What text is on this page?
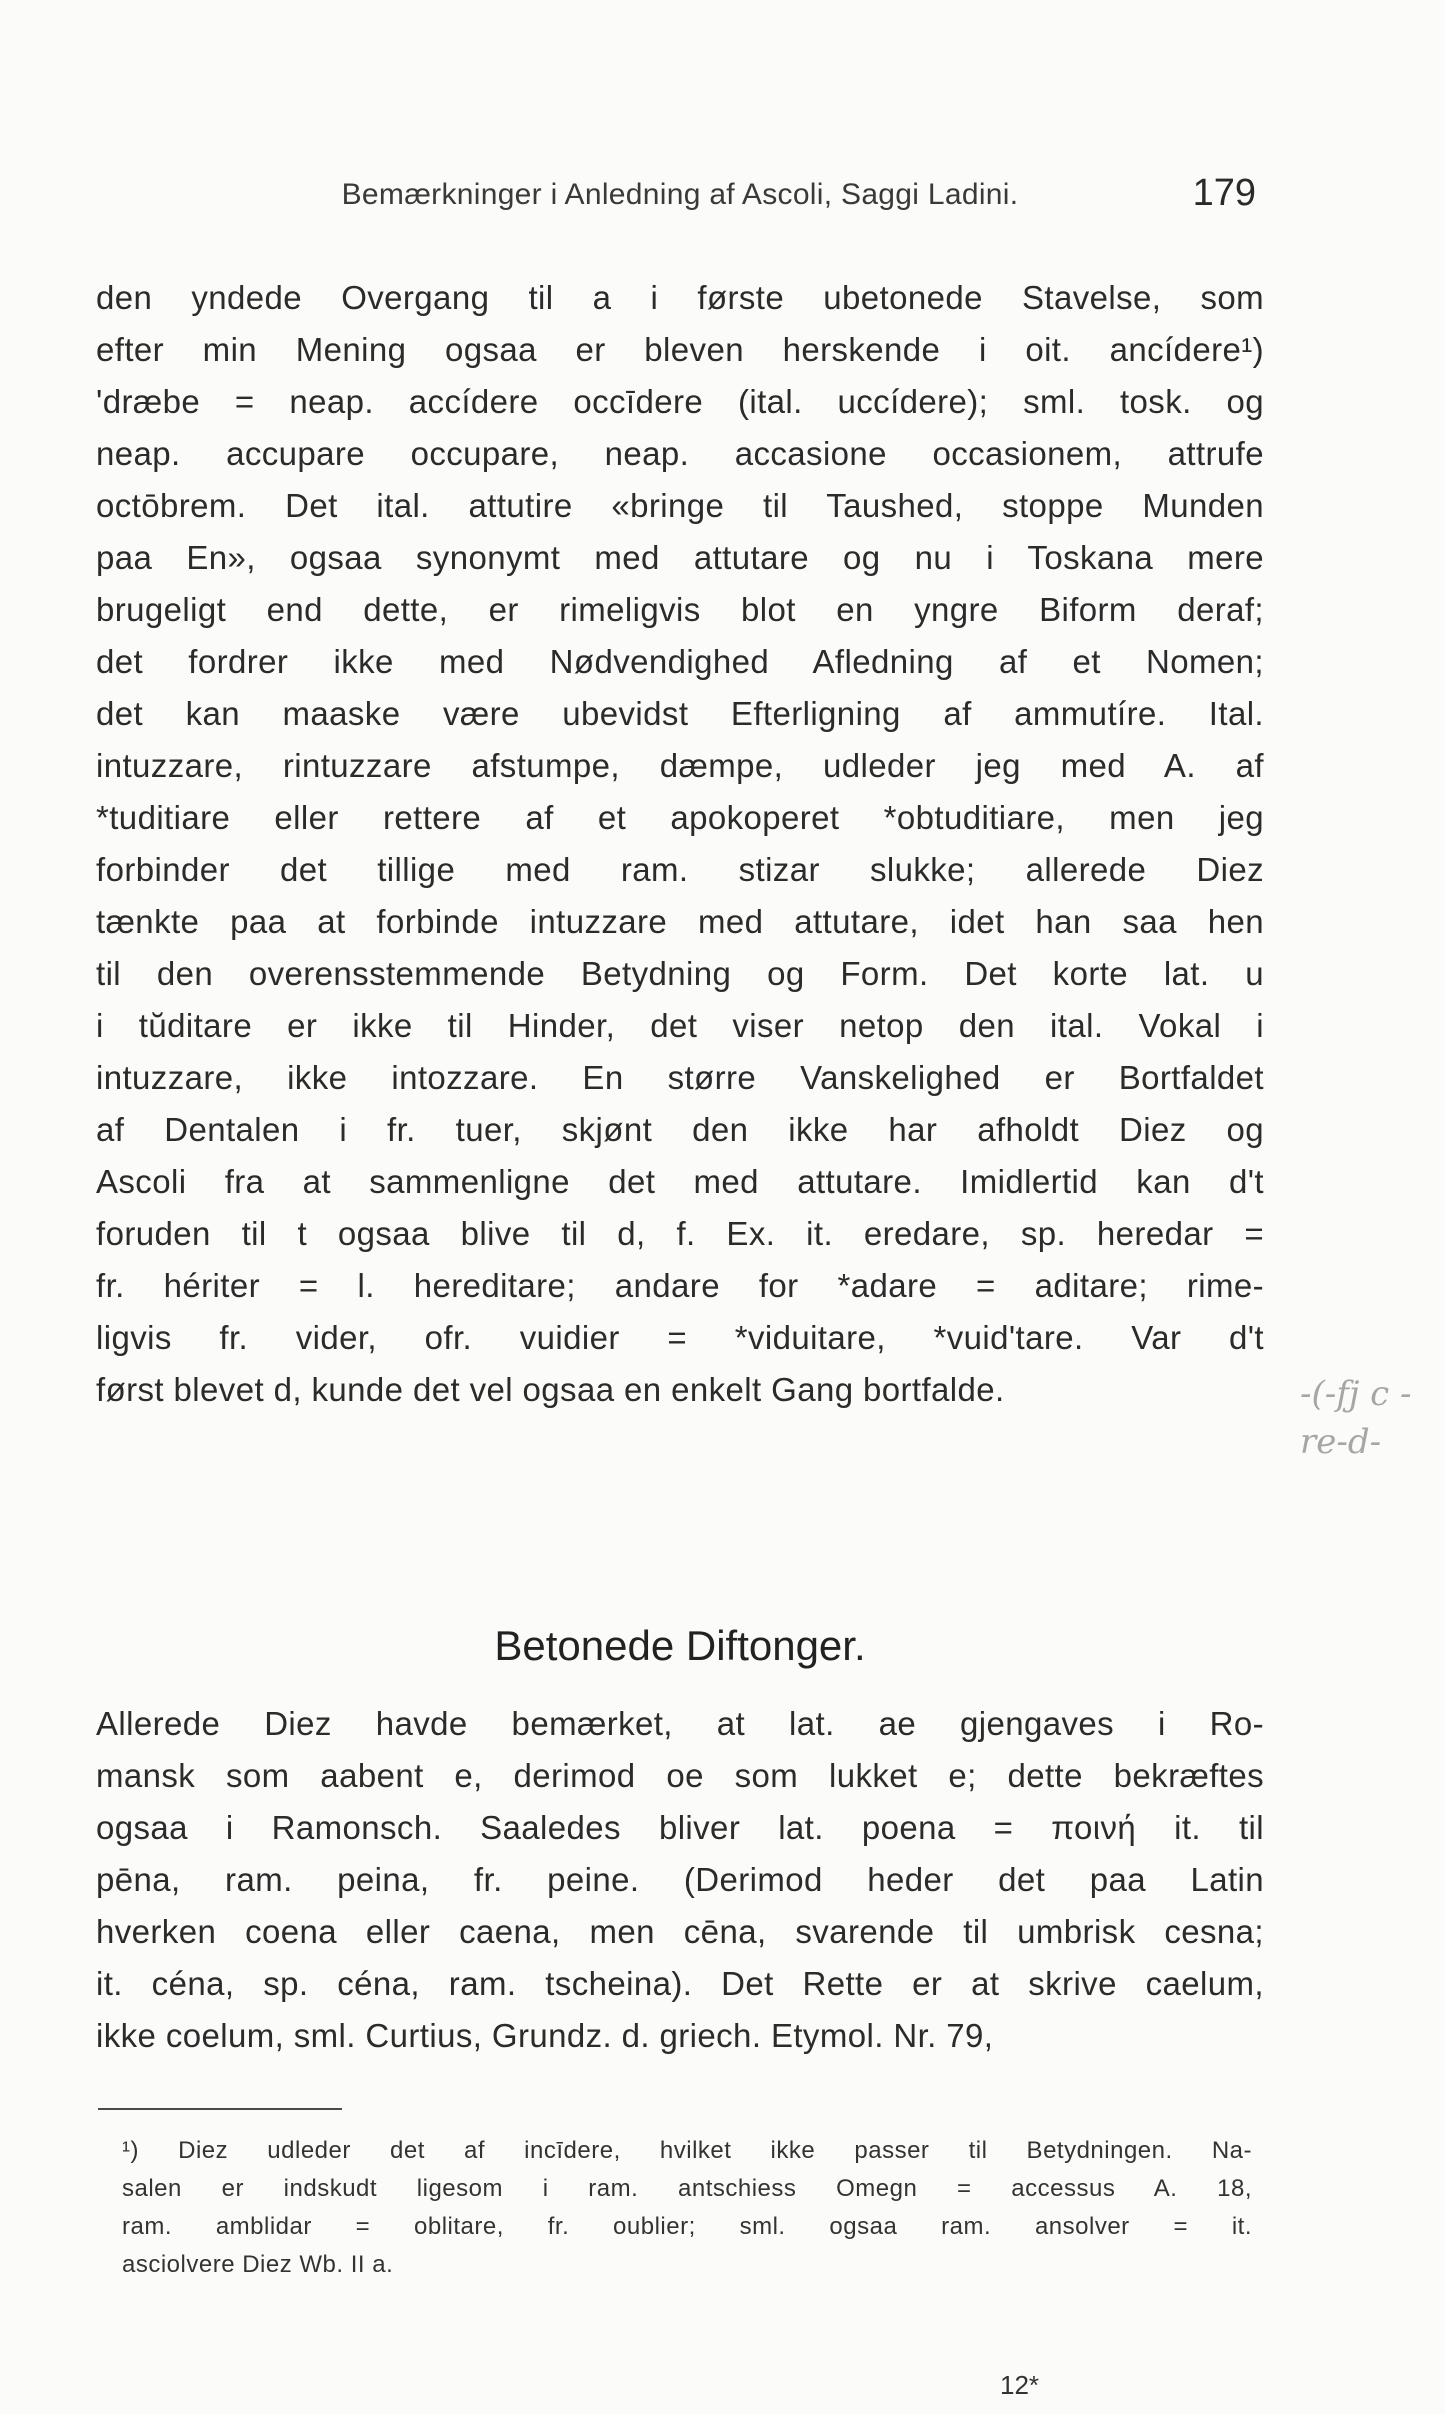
Bemærkninger i Anledning af Ascoli, Saggi Ladini.	179
den yndede Overgang til a i første ubetonede Stavelse, som
efter min Mening ogsaa er bleven herskende i oit. ancídere¹)
'dræbe = neap. accídere occīdere (ital. uccídere); sml. tosk. og
neap. accupare occupare, neap. accasione occasionem, attrufe
octōbrem. Det ital. attutire «bringe til Taushed, stoppe Munden
paa En», ogsaa synonymt med attutare og nu i Toskana mere
brugeligt end dette, er rimeligvis blot en yngre Biform deraf;
det fordrer ikke med Nødvendighed Afledning af et Nomen;
det kan maaske være ubevidst Efterligning af ammutíre. Ital.
intuzzare, rintuzzare afstumpe, dæmpe, udleder jeg med A. af
*tuditiare eller rettere af et apokoperet *obtuditiare, men jeg
forbinder det tillige med ram. stizar slukke; allerede Diez
tænkte paa at forbinde intuzzare med attutare, idet han saa hen
til den overensstemmende Betydning og Form. Det korte lat. u
i tŭditare er ikke til Hinder, det viser netop den ital. Vokal i
intuzzare, ikke intozzare. En større Vanskelighed er Bortfaldet
af Dentalen i fr. tuer, skjønt den ikke har afholdt Diez og
Ascoli fra at sammenligne det med attutare. Imidlertid kan d't
foruden til t ogsaa blive til d, f. Ex. it. eredare, sp. heredar =
fr. hériter = l. hereditare; andare for *adare = aditare; rime-
ligvis fr. vider, ofr. vuidier = *viduitare, *vuid'tare. Var d't
først blevet d, kunde det vel ogsaa en enkelt Gang bortfalde.	-(-fj c -re-d-
Betonede Diftonger.
Allerede Diez havde bemærket, at lat. ae gjengaves i Ro-
mansk som aabent e, derimod oe som lukket e; dette bekræftes
ogsaa i Ramonsch. Saaledes bliver lat. poena = ποινή it. til
pēna, ram. peina, fr. peine. (Derimod heder det paa Latin
hverken coena eller caena, men cēna, svarende til umbrisk cesna;
it. céna, sp. céna, ram. tscheina). Det Rette er at skrive caelum,
ikke coelum, sml. Curtius, Grundz. d. griech. Etymol. Nr. 79,
¹) Diez udleder det af incīdere, hvilket ikke passer til Betydningen. Na-
salen er indskudt ligesom i ram. antschiess Omegn = accessus A. 18,
ram. amblidar = oblitare, fr. oublier; sml. ogsaa ram. ansolver = it.
asciolvere Diez Wb. II a.
12*
